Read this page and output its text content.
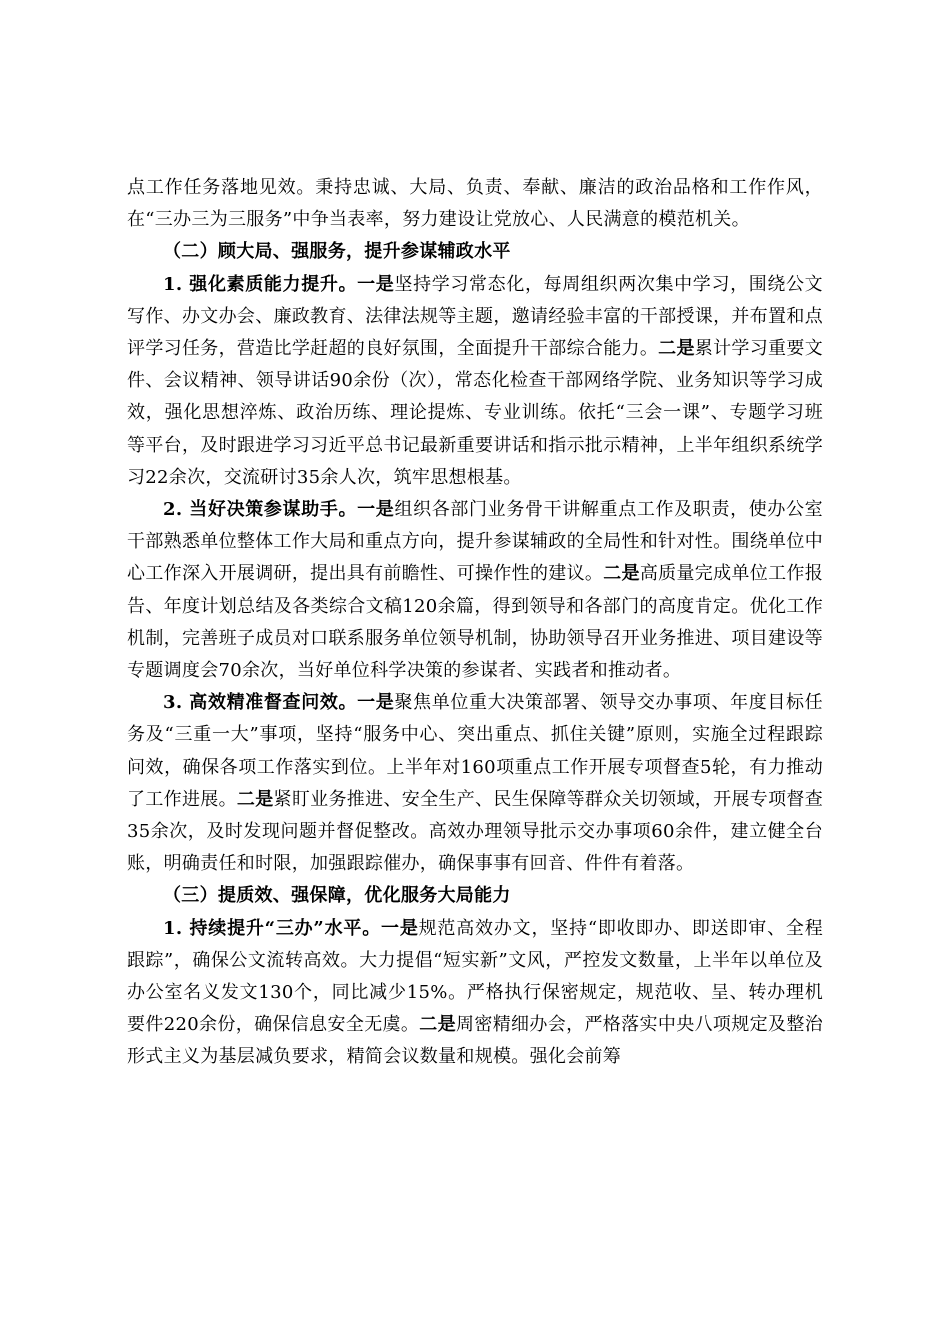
点工作任务落地见效。秉持忠诚、大局、负责、奉献、廉洁的政治品格和工作作风，在“三办三为三服务”中争当表率，努力建设让党放心、人民满意的模范机关。

（二）顾大局、强服务，提升参谋辅政水平

1. 强化素质能力提升。一是坚持学习常态化，每周组织两次集中学习，围绕公文写作、办文办会、廉政教育、法律法规等主题，邀请经验丰富的干部授课，并布置和点评学习任务，营造比学赶超的良好氛围，全面提升干部综合能力。二是累计学习重要文件、会议精神、领导讲话90余份（次），常态化检查干部网络学院、业务知识等学习成效，强化思想淬炼、政治历练、理论提炼、专业训练。依托“三会一课”、专题学习班等平台，及时跟进学习习近平总书记最新重要讲话和指示批示精神，上半年组织系统学习22余次，交流研讨35余人次，筑牢思想根基。

2. 当好决策参谋助手。一是组织各部门业务骨干讲解重点工作及职责，使办公室干部熟悉单位整体工作大局和重点方向，提升参谋辅政的全局性和针对性。围绕单位中心工作深入开展调研，提出具有前瞻性、可操作性的建议。二是高质量完成单位工作报告、年度计划总结及各类综合文稿120余篇，得到领导和各部门的高度肯定。优化工作机制，完善班子成员对口联系服务单位领导机制，协助领导召开业务推进、项目建设等专题调度会70余次，当好单位科学决策的参谋者、实践者和推动者。

3. 高效精准督查问效。一是聚焦单位重大决策部署、领导交办事项、年度目标任务及“三重一大”事项，坚持“服务中心、突出重点、抓住关键”原则，实施全过程跟踪问效，确保各项工作落实到位。上半年对160项重点工作开展专项督查5轮，有力推动了工作进展。二是紧盯业务推进、安全生产、民生保障等群众关切领域，开展专项督查35余次，及时发现问题并督促整改。高效办理领导批示交办事项60余件，建立健全台账，明确责任和时限，加强跟踪催办，确保事事有回音、件件有着落。

（三）提质效、强保障，优化服务大局能力

1. 持续提升“三办”水平。一是规范高效办文，坚持“即收即办、即送即审、全程跟踪”，确保公文流转高效。大力提倡“短实新”文风，严控发文数量，上半年以单位及办公室名义发文130个，同比减少15%。严格执行保密规定，规范收、呈、转办理机要件220余份，确保信息安全无虞。二是周密精细办会，严格落实中央八项规定及整治形式主义为基层减负要求，精简会议数量和规模。强化会前筹
